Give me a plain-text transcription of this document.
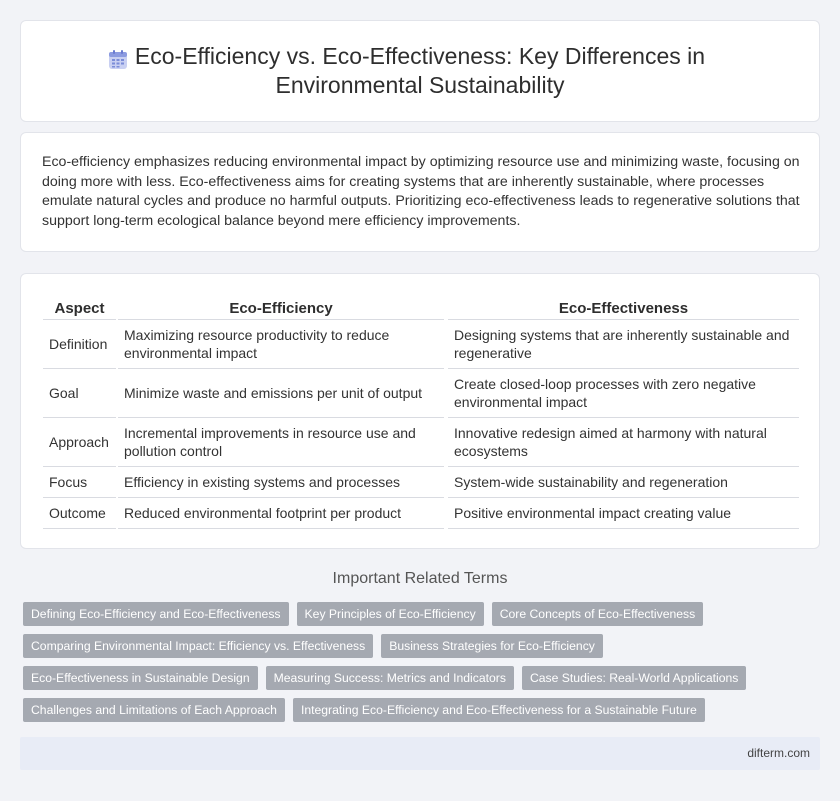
Eco-Efficiency vs. Eco-Effectiveness: Key Differences in Environmental Sustainability

Eco-efficiency emphasizes reducing environmental impact by optimizing resource use and minimizing waste, focusing on doing more with less. Eco-effectiveness aims for creating systems that are inherently sustainable, where processes emulate natural cycles and produce no harmful outputs. Prioritizing eco-effectiveness leads to regenerative solutions that support long-term ecological balance beyond mere efficiency improvements.

Aspect	Eco-Efficiency	Eco-Effectiveness
Definition	Maximizing resource productivity to reduce environmental impact	Designing systems that are inherently sustainable and regenerative
Goal	Minimize waste and emissions per unit of output	Create closed-loop processes with zero negative environmental impact
Approach	Incremental improvements in resource use and pollution control	Innovative redesign aimed at harmony with natural ecosystems
Focus	Efficiency in existing systems and processes	System-wide sustainability and regeneration
Outcome	Reduced environmental footprint per product	Positive environmental impact creating value
Important Related Terms
Defining Eco-Efficiency and Eco-Effectiveness	Key Principles of Eco-Efficiency	Core Concepts of Eco-Effectiveness
Comparing Environmental Impact: Efficiency vs. Effectiveness	Business Strategies for Eco-Efficiency
Eco-Effectiveness in Sustainable Design	Measuring Success: Metrics and Indicators	Case Studies: Real-World Applications
Challenges and Limitations of Each Approach	Integrating Eco-Efficiency and Eco-Effectiveness for a Sustainable Future
difterm.com
